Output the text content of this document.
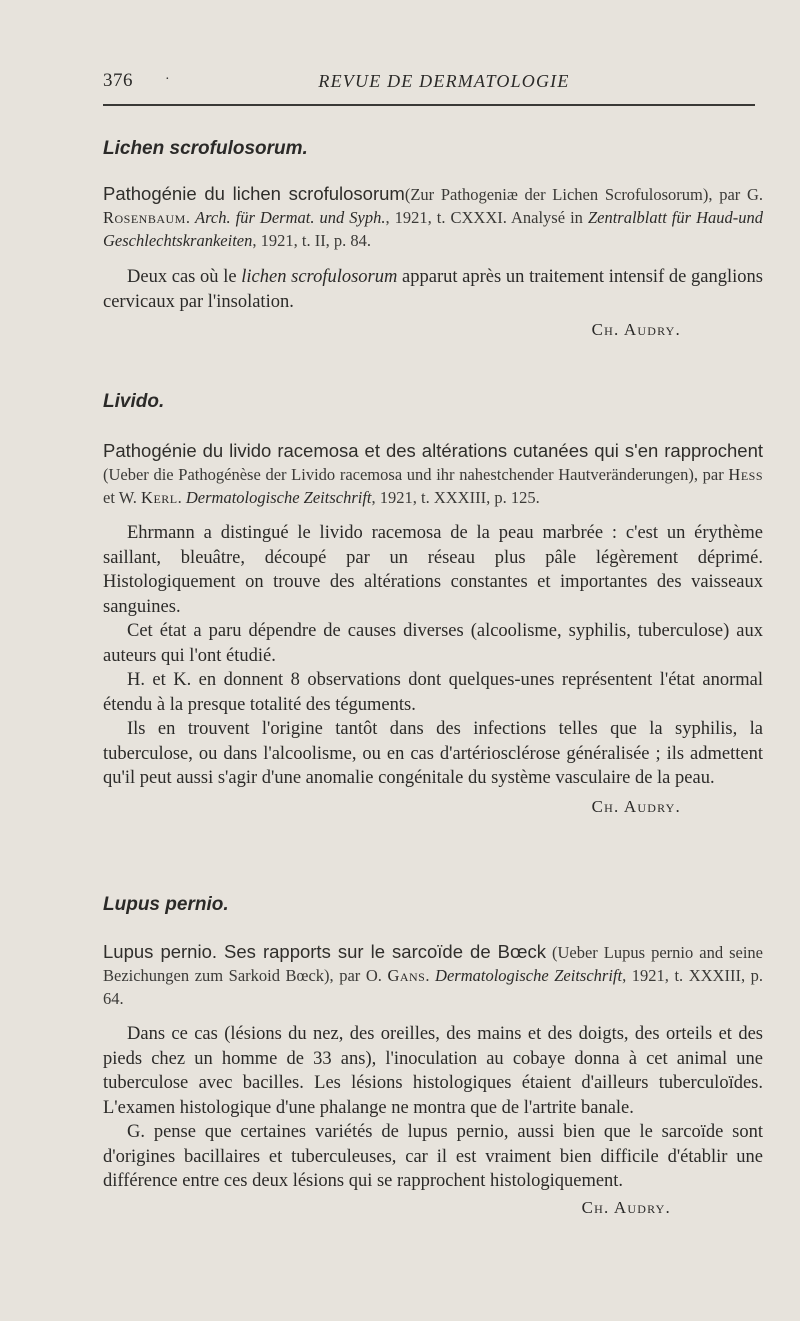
376 ·	REVUE DE DERMATOLOGIE
Lichen scrofulosorum.

Pathogénie du lichen scrofulosorum(Zur Pathogeniæ der Lichen Scrofulosorum), par G. Rosenbaum. Arch. für Dermat. und Syph., 1921, t. CXXXI. Analysé in Zentralblatt für Haud-und Geschlechtskrankeiten, 1921, t. II, p. 84.

Deux cas où le lichen scrofulosorum apparut après un traitement intensif de ganglions cervicaux par l'insolation.

Ch. Audry.

Livido.

Pathogénie du livido racemosa et des altérations cutanées qui s'en rapprochent (Ueber die Pathogénèse der Livido racemosa und ihr nahestchender Hautveränderungen), par Hess et W. Kerl. Dermatologische Zeitschrift, 1921, t. XXXIII, p. 125.

Ehrmann a distingué le livido racemosa de la peau marbrée : c'est un érythème saillant, bleuâtre, découpé par un réseau plus pâle légèrement déprimé. Histologiquement on trouve des altérations constantes et importantes des vaisseaux sanguines.

Cet état a paru dépendre de causes diverses (alcoolisme, syphilis, tuberculose) aux auteurs qui l'ont étudié.

H. et K. en donnent 8 observations dont quelques-unes représentent l'état anormal étendu à la presque totalité des téguments.

Ils en trouvent l'origine tantôt dans des infections telles que la syphilis, la tuberculose, ou dans l'alcoolisme, ou en cas d'artériosclérose généralisée ; ils admettent qu'il peut aussi s'agir d'une anomalie congénitale du système vasculaire de la peau.

Ch. Audry.

Lupus pernio.

Lupus pernio. Ses rapports sur le sarcoïde de Bœck (Ueber Lupus pernio and seine Bezichungen zum Sarkoid Bœck), par O. Gans. Dermatologische Zeitschrift, 1921, t. XXXIII, p. 64.

Dans ce cas (lésions du nez, des oreilles, des mains et des doigts, des orteils et des pieds chez un homme de 33 ans), l'inoculation au cobaye donna à cet animal une tuberculose avec bacilles. Les lésions histologiques étaient d'ailleurs tuberculoïdes. L'examen histologique d'une phalange ne montra que de l'artrite banale.

G. pense que certaines variétés de lupus pernio, aussi bien que le sarcoïde sont d'origines bacillaires et tuberculeuses, car il est vraiment bien difficile d'établir une différence entre ces deux lésions qui se rapprochent histologiquement.

Ch. Audry.
